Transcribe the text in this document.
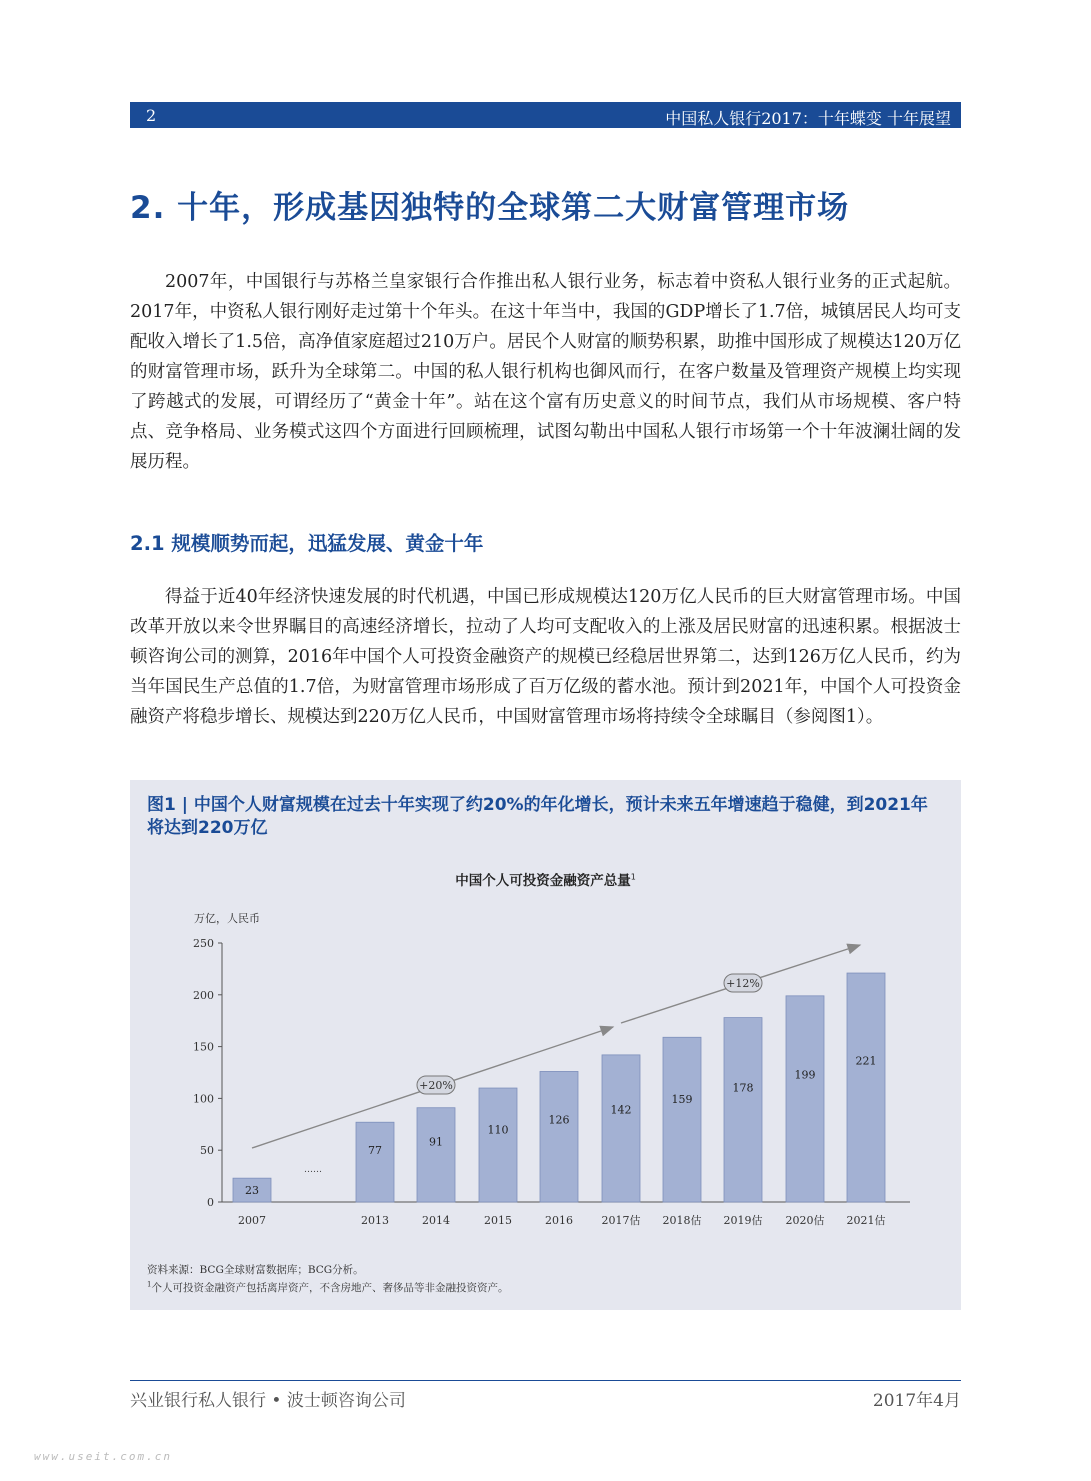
2	中国私人银行2017：十年蝶变 十年展望
2. 十年，形成基因独特的全球第二大财富管理市场

2007年，中国银行与苏格兰皇家银行合作推出私人银行业务，标志着中资私人银行业务的正式起航。2017年，中资私人银行刚好走过第十个年头。在这十年当中，我国的GDP增长了1.7倍，城镇居民人均可支配收入增长了1.5倍，高净值家庭超过210万户。居民个人财富的顺势积累，助推中国形成了规模达120万亿的财富管理市场，跃升为全球第二。中国的私人银行机构也御风而行，在客户数量及管理资产规模上均实现了跨越式的发展，可谓经历了“黄金十年”。站在这个富有历史意义的时间节点，我们从市场规模、客户特点、竞争格局、业务模式这四个方面进行回顾梳理，试图勾勒出中国私人银行市场第一个十年波澜壮阔的发展历程。

2.1 规模顺势而起，迅猛发展、黄金十年

得益于近40年经济快速发展的时代机遇，中国已形成规模达120万亿人民币的巨大财富管理市场。中国改革开放以来令世界瞩目的高速经济增长，拉动了人均可支配收入的上涨及居民财富的迅速积累。根据波士顿咨询公司的测算，2016年中国个人可投资金融资产的规模已经稳居世界第二，达到126万亿人民币，约为当年国民生产总值的1.7倍，为财富管理市场形成了百万亿级的蓄水池。预计到2021年，中国个人可投资金融资产将稳步增长、规模达到220万亿人民币，中国财富管理市场将持续令全球瞩目（参阅图1）。

图1 | 中国个人财富规模在过去十年实现了约20%的年化增长，预计未来五年增速趋于稳健，到2021年将达到220万亿

中国个人可投资金融资产总量$^1$
万亿，人民币
0
50
100
150
200
250
23
2007
77
2013
91
2014
110
2015
126
2016
142
2017估
159
2018估
178
2019估
199
2020估
221
2021估
……
+20%
+12%
资料来源：BCG全球财富数据库；BCG分析。
$^1$个人可投资金融资产包括离岸资产，不含房地产、奢侈品等非金融投资资产。
兴业银行私人银行 • 波士顿咨询公司	2017年4月
www.useit.com.cn
